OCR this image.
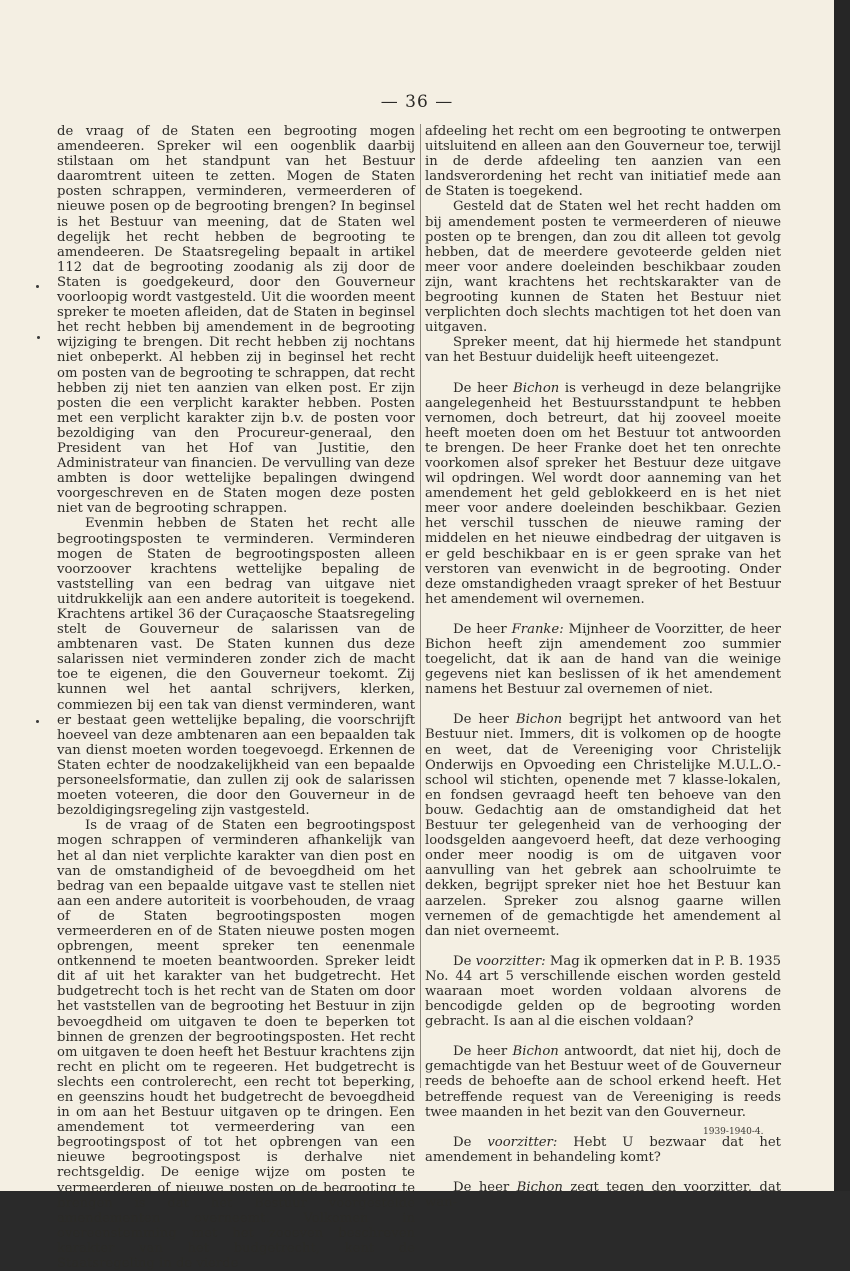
— 36 —

de vraag of de Staten een begrooting mogen amendeeren. Spreker wil een oogenblik daarbij stilstaan om het standpunt van het Bestuur daaromtrent uiteen te zetten. Mogen de Staten posten schrappen, verminderen, vermeerderen of nieuwe posen op de begrooting brengen? In beginsel is het Bestuur van meening, dat de Staten wel degelijk het recht hebben de begrooting te amendeeren. De Staatsregeling bepaalt in artikel 112 dat de begrooting zoodanig als zij door de Staten is goedgekeurd, door den Gouverneur voorloopig wordt vastgesteld. Uit die woorden meent spreker te moeten afleiden, dat de Staten in beginsel het recht hebben bij amendement in de begrooting wijziging te brengen. Dit recht hebben zij nochtans niet onbeperkt. Al hebben zij in beginsel het recht om posten van de begrooting te schrappen, dat recht hebben zij niet ten aanzien van elken post. Er zijn posten die een verplicht karakter hebben. Posten met een verplicht karakter zijn b.v. de posten voor bezoldiging van den Procureur-generaal, den President van het Hof van Justitie, den Administrateur van financien. De vervulling van deze ambten is door wettelijke bepalingen dwingend voorgeschreven en de Staten mogen deze posten niet van de begrooting schrappen.

Evenmin hebben de Staten het recht alle begrootingsposten te verminderen. Verminderen mogen de Staten de begrootingsposten alleen voorzoover krachtens wettelijke bepaling de vaststelling van een bedrag van uitgave niet uitdrukkelijk aan een andere autoriteit is toegekend. Krachtens artikel 36 der Curaçaosche Staatsregeling stelt de Gouverneur de salarissen van de ambtenaren vast. De Staten kunnen dus deze salarissen niet verminderen zonder zich de macht toe te eigenen, die den Gouverneur toekomt. Zij kunnen wel het aantal schrijvers, klerken, commiezen bij een tak van dienst verminderen, want er bestaat geen wettelijke bepaling, die voorschrijft hoeveel van deze ambtenaren aan een bepaalden tak van dienst moeten worden toegevoegd. Erkennen de Staten echter de noodzakelijkheid van een bepaalde personeelsformatie, dan zullen zij ook de salarissen moeten voteeren, die door den Gouverneur in de bezoldigingsregeling zijn vastgesteld.

Is de vraag of de Staten een begrootingspost mogen schrappen of verminderen afhankelijk van het al dan niet verplichte karakter van dien post en van de omstandigheid of de bevoegdheid om het bedrag van een bepaalde uitgave vast te stellen niet aan een andere autoriteit is voorbehouden, de vraag of de Staten begrootingsposten mogen vermeerderen en of de Staten nieuwe posten mogen opbrengen, meent spreker ten eenenmale ontkennend te moeten beantwoorden. Spreker leidt dit af uit het karakter van het budgetrecht. Het budgetrecht toch is het recht van de Staten om door het vaststellen van de begrooting het Bestuur in zijn bevoegdheid om uitgaven te doen te beperken tot binnen de grenzen der begrootingsposten. Het recht om uitgaven te doen heeft het Bestuur krachtens zijn recht en plicht om te regeeren. Het budgetrecht is slechts een controlerecht, een recht tot beperking, en geenszins houdt het budgetrecht de bevoegdheid in om aan het Bestuur uitgaven op te dringen. Een amendement tot vermeerdering van een begrootingspost of tot het opbrengen van een nieuwe begrootingspost is derhalve niet rechtsgeldig. De eenige wijze om posten te vermeerderen of nieuwe posten op de begrooting te brengen is dat het Bestuur voorgestelde amendementen overneemt. Volkomen in overeenstemming met het zooeven beschreven karakter van het budgetrecht, kent de Staatsregeling in de vierde

afdeeling het recht om een begrooting te ontwerpen uitsluitend en alleen aan den Gouverneur toe, terwijl in de derde afdeeling ten aanzien van een landsverordening het recht van initiatief mede aan de Staten is toegekend.

Gesteld dat de Staten wel het recht hadden om bij amendement posten te vermeerderen of nieuwe posten op te brengen, dan zou dit alleen tot gevolg hebben, dat de meerdere gevoteerde gelden niet meer voor andere doeleinden beschikbaar zouden zijn, want krachtens het rechtskarakter van de begrooting kunnen de Staten het Bestuur niet verplichten doch slechts machtigen tot het doen van uitgaven.

Spreker meent, dat hij hiermede het standpunt van het Bestuur duidelijk heeft uiteengezet.

De heer Bichon is verheugd in deze belangrijke aangelegenheid het Bestuursstandpunt te hebben vernomen, doch betreurt, dat hij zooveel moeite heeft moeten doen om het Bestuur tot antwoorden te brengen. De heer Franke doet het ten onrechte voorkomen alsof spreker het Bestuur deze uitgave wil opdringen. Wel wordt door aanneming van het amendement het geld geblokkeerd en is het niet meer voor andere doeleinden beschikbaar. Gezien het verschil tusschen de nieuwe raming der middelen en het nieuwe eindbedrag der uitgaven is er geld beschikbaar en is er geen sprake van het verstoren van evenwicht in de begrooting. Onder deze omstandigheden vraagt spreker of het Bestuur het amendement wil overnemen.

De heer Franke: Mijnheer de Voorzitter, de heer Bichon heeft zijn amendement zoo summier toegelicht, dat ik aan de hand van die weinige gegevens niet kan beslissen of ik het amendement namens het Bestuur zal overnemen of niet.

De heer Bichon begrijpt het antwoord van het Bestuur niet. Immers, dit is volkomen op de hoogte en weet, dat de Vereeniging voor Christelijk Onderwijs en Opvoeding een Christelijke M.U.L.O.-school wil stichten, openende met 7 klasse-lokalen, en fondsen gevraagd heeft ten behoeve van den bouw. Gedachtig aan de omstandigheid dat het Bestuur ter gelegenheid van de verhooging der loodsgelden aangevoerd heeft, dat deze verhooging onder meer noodig is om de uitgaven voor aanvulling van het gebrek aan schoolruimte te dekken, begrijpt spreker niet hoe het Bestuur kan aarzelen. Spreker zou alsnog gaarne willen vernemen of de gemachtigde het amendement al dan niet overneemt.

De voorzitter: Mag ik opmerken dat in P. B. 1935 No. 44 art 5 verschillende eischen worden gesteld waaraan moet worden voldaan alvorens de bencodigde gelden op de begrooting worden gebracht. Is aan al die eischen voldaan?

De heer Bichon antwoordt, dat niet hij, doch de gemachtigde van het Bestuur weet of de Gouverneur reeds de behoefte aan de school erkend heeft. Het betreffende request van de Vereeniging is reeds twee maanden in het bezit van den Gouverneur.

De voorzitter: Hebt U bezwaar dat het amendement in behandeling komt?

De heer Bichon zegt tegen den voorzitter, dat wan-

1939-1940-4.
